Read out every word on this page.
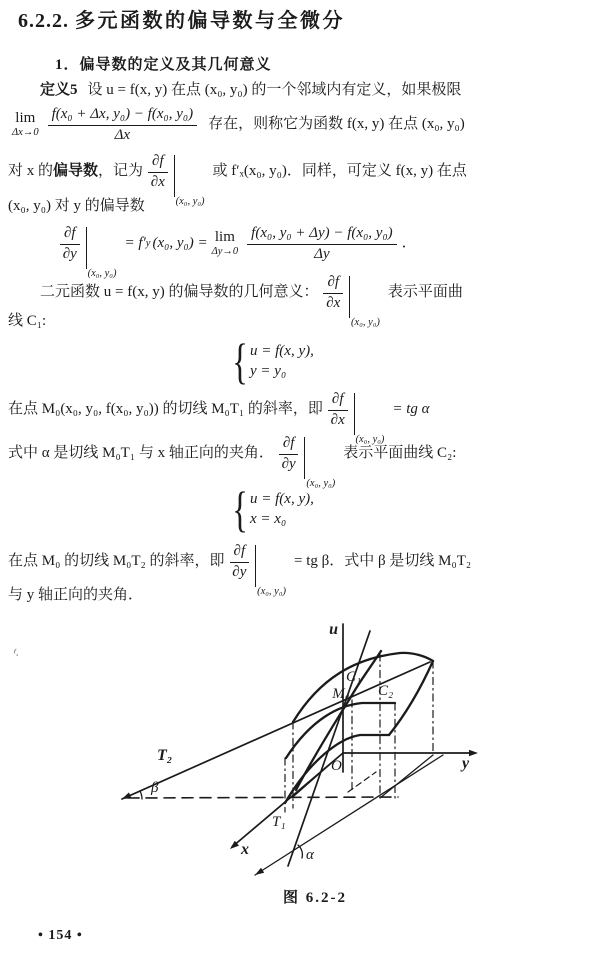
6.2.2. 多元函数的偏导数与全微分
1．偏导数的定义及其几何意义
定义5 设 u = f(x, y) 在点 (x₀, y₀) 的一个邻域内有定义，如果极限
lim
$\Delta x\to 0 \frac{\text{f(x₀ + Δx, y₀) − f(x₀, y₀)}}{\Delta x}$ 存在，则称它为函数 f(x, y) 在点 (x₀, y₀)
对 x 的 偏导数 ，记为 $\frac{\partial f}{\partial x}$
(x₀, y₀)
或 f′ₓ(x₀, y₀)．同样，可定义 f(x, y) 在点
(x₀, y₀) 对 y 的偏导数
$\frac{\partial f}{\partial y}$
(x₀, y₀)
= f′ y (x₀, y₀) = lim
$\Delta y\to 0 \frac{\text{f(x₀, y₀ + Δy) − f(x₀, y₀)}}{\Delta y}$ ．
二元函数 u = f(x, y) 的偏导数的几何意义： $\frac{\partial f}{\partial x}$
(x₀, y₀)
表示平面曲
线 C₁:
{ u = f(x, y),
y = y₀
在点 M₀(x₀, y₀, f(x₀, y₀)) 的切线 M₀T₁ 的斜率，即 $\frac{\partial f}{\partial x}$
(x₀, y₀)
= tg α
式中 α 是切线 M₀T₁ 与 x 轴正向的夹角． $\frac{\partial f}{\partial y}$
(x₀, y₀)
表示平面曲线 C₂:
{ u = f(x, y),
x = x₀
在点 M₀ 的切线 M₀T₂ 的斜率，即 $\frac{\partial f}{\partial y}$
(x₀, y₀)
= tg β．式中 β 是切线 M₀T₂
与 y 轴正向的夹角．
ᶠ˒
u
y
x
O
C₁
C₂
M₀
T₂
β
T₁
α
图 6.2-2
• 154 •
